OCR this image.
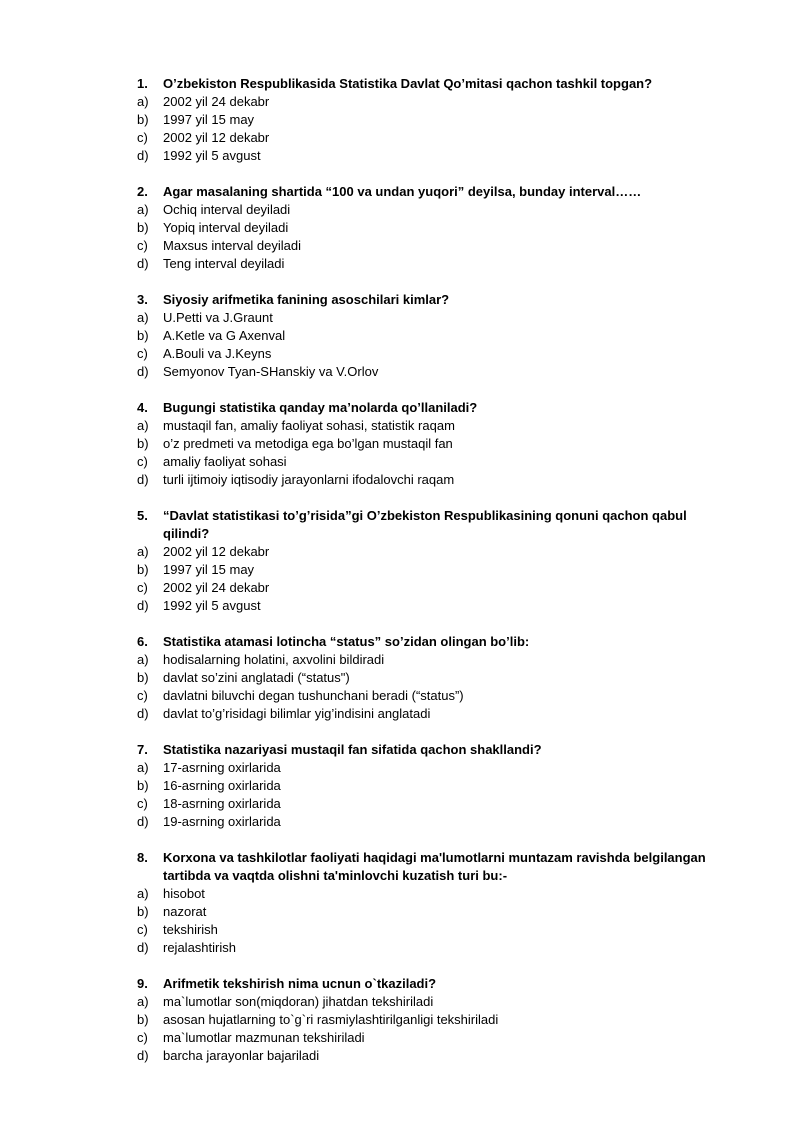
1.	O’zbekiston Respublikasida Statistika Davlat Qo’mitasi qachon tashkil topgan?
a)	2002 yil 24 dekabr
b)	1997 yil 15 may
c)	2002 yil 12 dekabr
d)	1992 yil 5 avgust
2.	Agar masalaning shartida “100 va undan yuqori” deyilsa, bunday interval……
a)	Ochiq interval deyiladi
b)	Yopiq interval deyiladi
c)	Maxsus interval deyiladi
d)	Teng interval deyiladi
3.	Siyosiy arifmetika fanining asoschilari kimlar?
a)	U.Petti va J.Graunt
b)	A.Ketle va G Axenval
c)	A.Bouli va J.Keyns
d)	Semyonov Tyan-SHanskiy va V.Orlov
4.	Bugungi statistika qanday ma’nolarda qo’llaniladi?
a)	mustaqil fan, amaliy faoliyat sohasi, statistik raqam
b)	o’z predmeti va metodiga ega bo’lgan mustaqil fan
c)	amaliy faoliyat sohasi
d)	turli ijtimoiy iqtisodiy jarayonlarni ifodalovchi raqam
5.	“Davlat statistikasi to’g’risida”gi O’zbekiston Respublikasining qonuni qachon qabul qilindi?
a)	2002 yil 12 dekabr
b)	1997 yil 15 may
c)	2002 yil 24 dekabr
d)	1992 yil 5 avgust
6.	Statistika atamasi lotincha “status” so’zidan olingan bo’lib:
a)	hodisalarning holatini, axvolini bildiradi
b)	davlat so’zini anglatadi (“status")
c)	davlatni biluvchi degan tushunchani beradi (“status”)
d)	davlat to’g’risidagi bilimlar yig’indisini anglatadi
7.	Statistika nazariyasi mustaqil fan sifatida qachon shakllandi?
a)	17-asrning oxirlarida
b)	16-asrning oxirlarida
c)	18-asrning oxirlarida
d)	19-asrning oxirlarida
8.	Korxona va tashkilotlar faoliyati haqidagi ma'lumotlarni muntazam ravishda belgilangan tartibda va vaqtda olishni ta'minlovchi kuzatish turi bu:-
a)	hisobot
b)	nazorat
c)	tekshirish
d)	rejalashtirish
9.	Arifmetik tekshirish nima ucnun o`tkaziladi?
a)	ma`lumotlar son(miqdoran) jihatdan tekshiriladi
b)	asosan hujatlarning to`g`ri rasmiylashtirilganligi tekshiriladi
c)	ma`lumotlar mazmunan tekshiriladi
d)	barcha jarayonlar bajariladi
